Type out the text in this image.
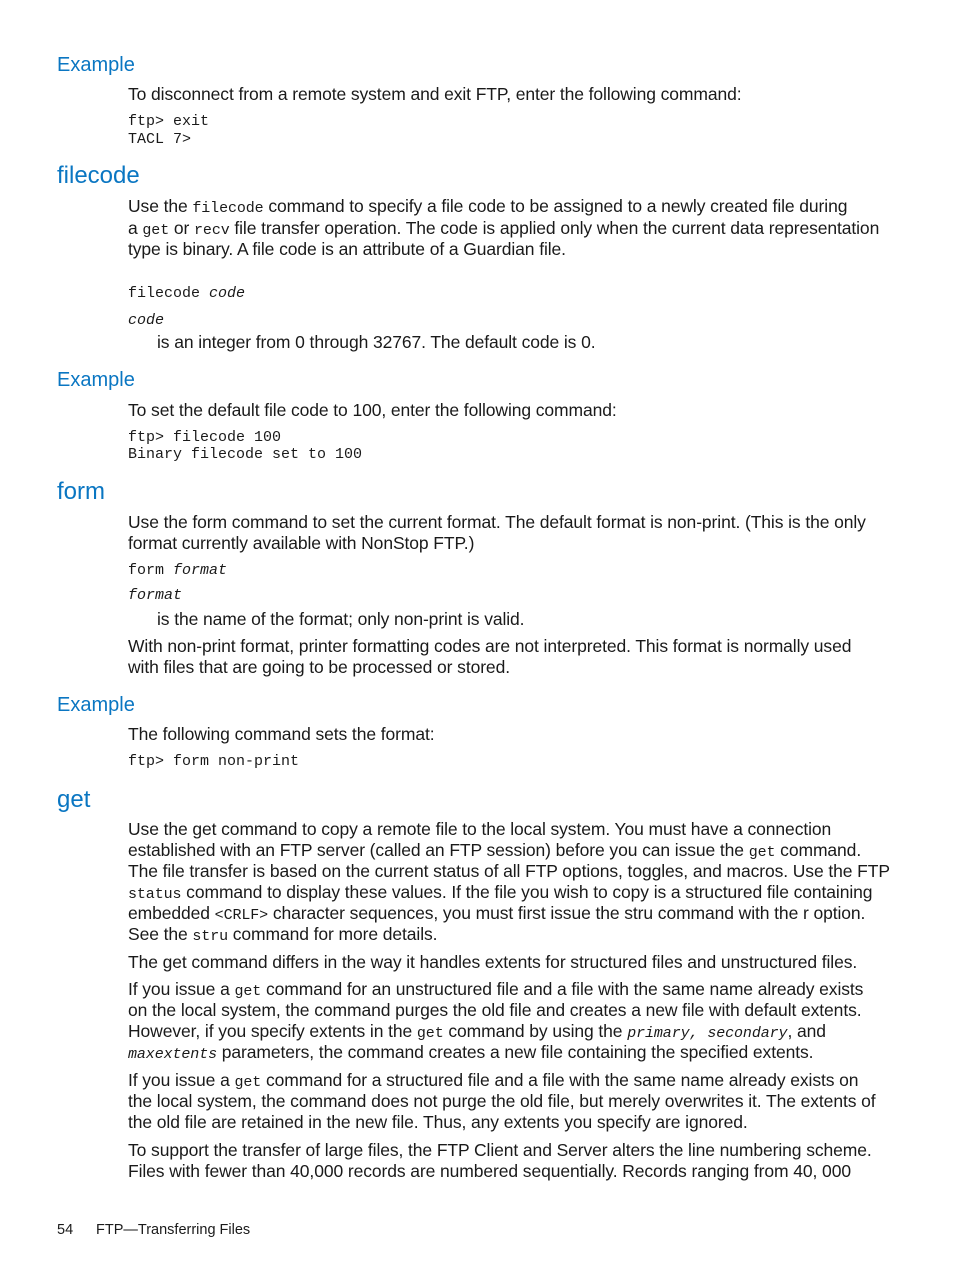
Example
To disconnect from a remote system and exit FTP, enter the following command:
ftp> exit
TACL 7>
filecode
Use the filecode command to specify a file code to be assigned to a newly created file during
a get or recv file transfer operation. The code is applied only when the current data representation
type is binary. A file code is an attribute of a Guardian file.
filecode code
code
is an integer from 0 through 32767. The default code is 0.
Example
To set the default file code to 100, enter the following command:
ftp> filecode 100
Binary filecode set to 100
form
Use the form command to set the current format. The default format is non-print. (This is the only
format currently available with NonStop FTP.)
form format
format
is the name of the format; only non-print is valid.
With non-print format, printer formatting codes are not interpreted. This format is normally used
with files that are going to be processed or stored.
Example
The following command sets the format:
ftp> form non-print
get
Use the get command to copy a remote file to the local system. You must have a connection
established with an FTP server (called an FTP session) before you can issue the get command.
The file transfer is based on the current status of all FTP options, toggles, and macros. Use the FTP
status command to display these values. If the file you wish to copy is a structured file containing
embedded <CRLF> character sequences, you must first issue the stru command with the r option.
See the stru command for more details.
The get command differs in the way it handles extents for structured files and unstructured files.
If you issue a get command for an unstructured file and a file with the same name already exists
on the local system, the command purges the old file and creates a new file with default extents.
However, if you specify extents in the get command by using the primary, secondary, and
maxextents parameters, the command creates a new file containing the specified extents.
If you issue a get command for a structured file and a file with the same name already exists on
the local system, the command does not purge the old file, but merely overwrites it. The extents of
the old file are retained in the new file. Thus, any extents you specify are ignored.
To support the transfer of large files, the FTP Client and Server alters the line numbering scheme.
Files with fewer than 40,000 records are numbered sequentially. Records ranging from 40, 000
54 FTP—Transferring Files
